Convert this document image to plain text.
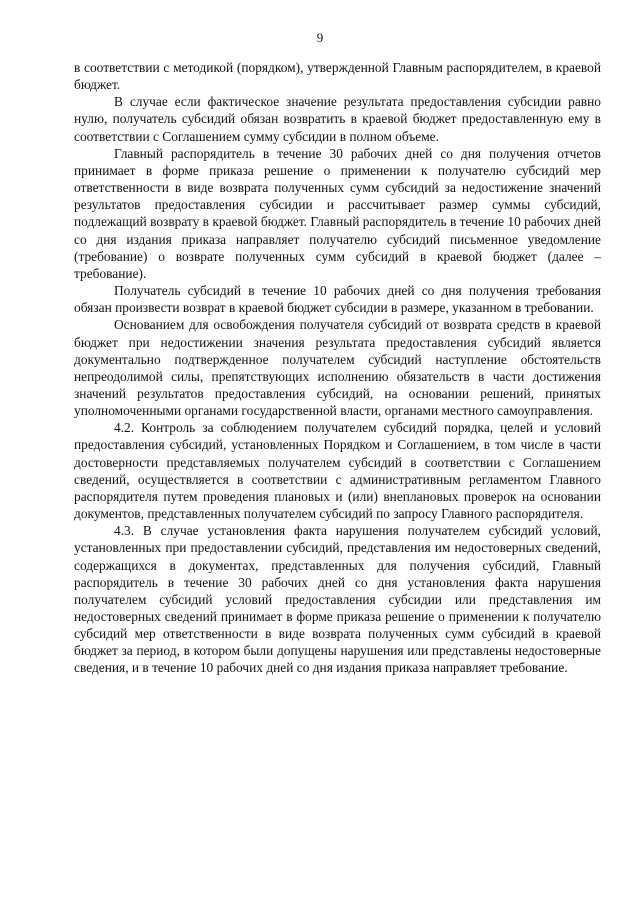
9

в соответствии с методикой (порядком), утвержденной Главным распорядителем, в краевой бюджет.

В случае если фактическое значение результата предоставления субсидии равно нулю, получатель субсидий обязан возвратить в краевой бюджет предоставленную ему в соответствии с Соглашением сумму субсидии в полном объеме.

Главный распорядитель в течение 30 рабочих дней со дня получения отчетов принимает в форме приказа решение о применении к получателю субсидий мер ответственности в виде возврата полученных сумм субсидий за недостижение значений результатов предоставления субсидии и рассчитывает размер суммы субсидий, подлежащий возврату в краевой бюджет. Главный распорядитель в течение 10 рабочих дней со дня издания приказа направляет получателю субсидий письменное уведомление (требование) о возврате полученных сумм субсидий в краевой бюджет (далее – требование).

Получатель субсидий в течение 10 рабочих дней со дня получения требования обязан произвести возврат в краевой бюджет субсидии в размере, указанном в требовании.

Основанием для освобождения получателя субсидий от возврата средств в краевой бюджет при недостижении значения результата предоставления субсидий является документально подтвержденное получателем субсидий наступление обстоятельств непреодолимой силы, препятствующих исполнению обязательств в части достижения значений результатов предоставления субсидий, на основании решений, принятых уполномоченными органами государственной власти, органами местного самоуправления.

4.2. Контроль за соблюдением получателем субсидий порядка, целей и условий предоставления субсидий, установленных Порядком и Соглашением, в том числе в части достоверности представляемых получателем субсидий в соответствии с Соглашением сведений, осуществляется в соответствии с административным регламентом Главного распорядителя путем проведения плановых и (или) внеплановых проверок на основании документов, представленных получателем субсидий по запросу Главного распорядителя.

4.3. В случае установления факта нарушения получателем субсидий условий, установленных при предоставлении субсидий, представления им недостоверных сведений, содержащихся в документах, представленных для получения субсидий, Главный распорядитель в течение 30 рабочих дней со дня установления факта нарушения получателем субсидий условий предоставления субсидии или представления им недостоверных сведений принимает в форме приказа решение о применении к получателю субсидий мер ответственности в виде возврата полученных сумм субсидий в краевой бюджет за период, в котором были допущены нарушения или представлены недостоверные сведения, и в течение 10 рабочих дней со дня издания приказа направляет требование.
